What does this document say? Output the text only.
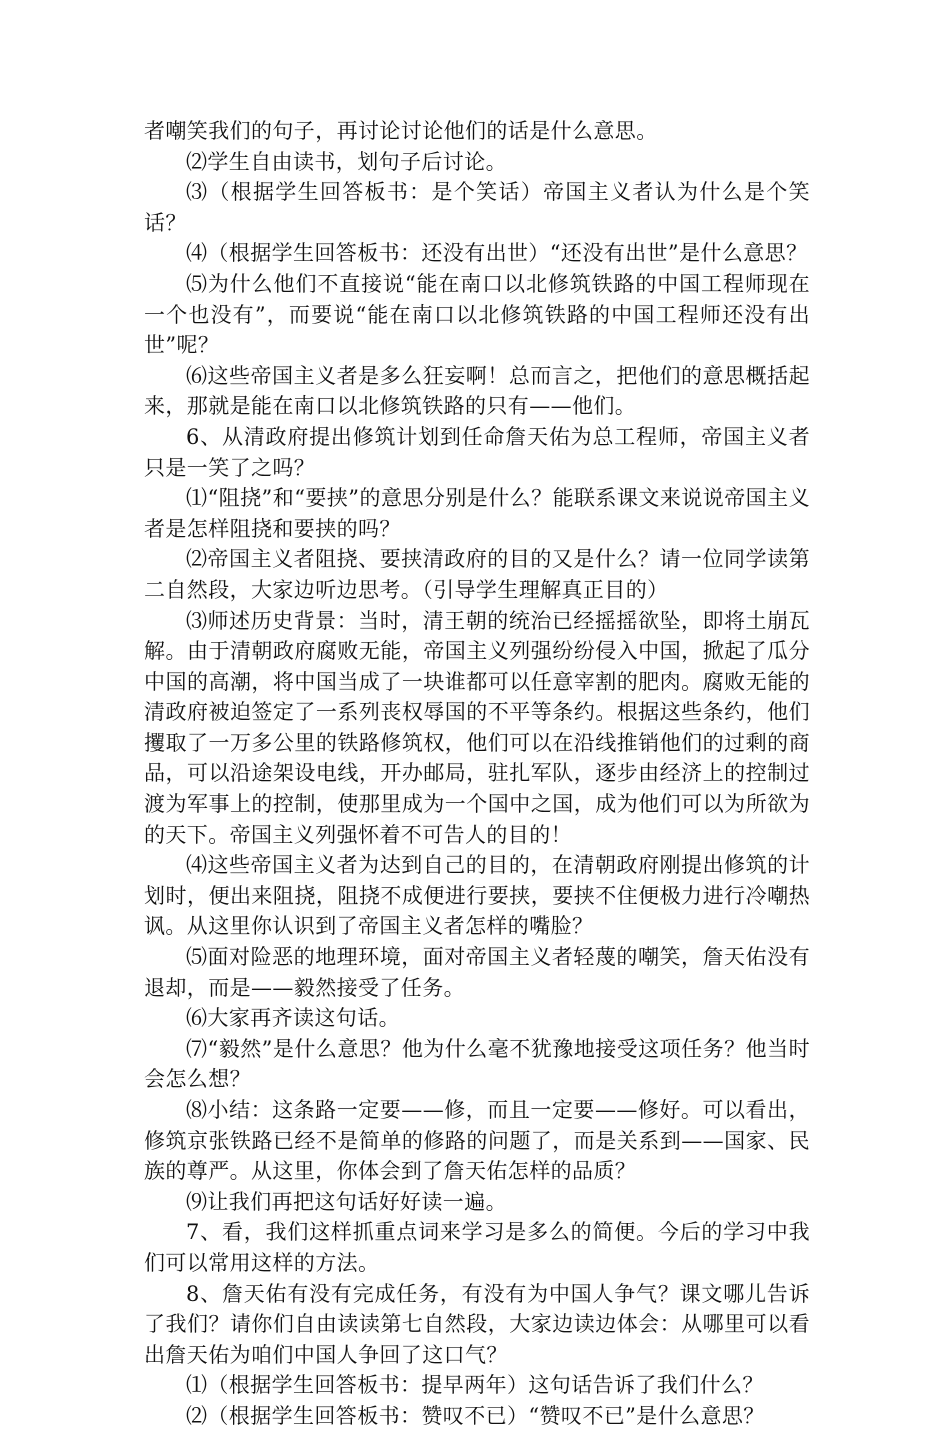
者嘲笑我们的句子，再讨论讨论他们的话是什么意思。

⑵学生自由读书，划句子后讨论。

⑶（根据学生回答板书：是个笑话）帝国主义者认为什么是个笑话？

⑷（根据学生回答板书：还没有出世）“还没有出世”是什么意思？

⑸为什么他们不直接说“能在南口以北修筑铁路的中国工程师现在一个也没有”，而要说“能在南口以北修筑铁路的中国工程师还没有出世”呢？

⑹这些帝国主义者是多么狂妄啊！总而言之，把他们的意思概括起来，那就是能在南口以北修筑铁路的只有——他们。

6、从清政府提出修筑计划到任命詹天佑为总工程师，帝国主义者只是一笑了之吗？

⑴“阻挠”和“要挟”的意思分别是什么？能联系课文来说说帝国主义者是怎样阻挠和要挟的吗？

⑵帝国主义者阻挠、要挟清政府的目的又是什么？请一位同学读第二自然段，大家边听边思考。（引导学生理解真正目的）

⑶师述历史背景：当时，清王朝的统治已经摇摇欲坠，即将土崩瓦解。由于清朝政府腐败无能，帝国主义列强纷纷侵入中国，掀起了瓜分中国的高潮，将中国当成了一块谁都可以任意宰割的肥肉。腐败无能的清政府被迫签定了一系列丧权辱国的不平等条约。根据这些条约，他们攫取了一万多公里的铁路修筑权，他们可以在沿线推销他们的过剩的商品，可以沿途架设电线，开办邮局，驻扎军队，逐步由经济上的控制过渡为军事上的控制，使那里成为一个国中之国，成为他们可以为所欲为的天下。帝国主义列强怀着不可告人的目的！

⑷这些帝国主义者为达到自己的目的，在清朝政府刚提出修筑的计划时，便出来阻挠，阻挠不成便进行要挟，要挟不住便极力进行冷嘲热讽。从这里你认识到了帝国主义者怎样的嘴脸？

⑸面对险恶的地理环境，面对帝国主义者轻蔑的嘲笑，詹天佑没有退却，而是——毅然接受了任务。

⑹大家再齐读这句话。

⑺“毅然”是什么意思？他为什么毫不犹豫地接受这项任务？他当时会怎么想？

⑻小结：这条路一定要——修，而且一定要——修好。可以看出，修筑京张铁路已经不是简单的修路的问题了，而是关系到——国家、民族的尊严。从这里，你体会到了詹天佑怎样的品质？

⑼让我们再把这句话好好读一遍。

7、看，我们这样抓重点词来学习是多么的简便。今后的学习中我们可以常用这样的方法。

8、詹天佑有没有完成任务，有没有为中国人争气？课文哪儿告诉了我们？请你们自由读读第七自然段，大家边读边体会：从哪里可以看出詹天佑为咱们中国人争回了这口气？

⑴（根据学生回答板书：提早两年）这句话告诉了我们什么？

⑵（根据学生回答板书：赞叹不已）“赞叹不已”是什么意思？
